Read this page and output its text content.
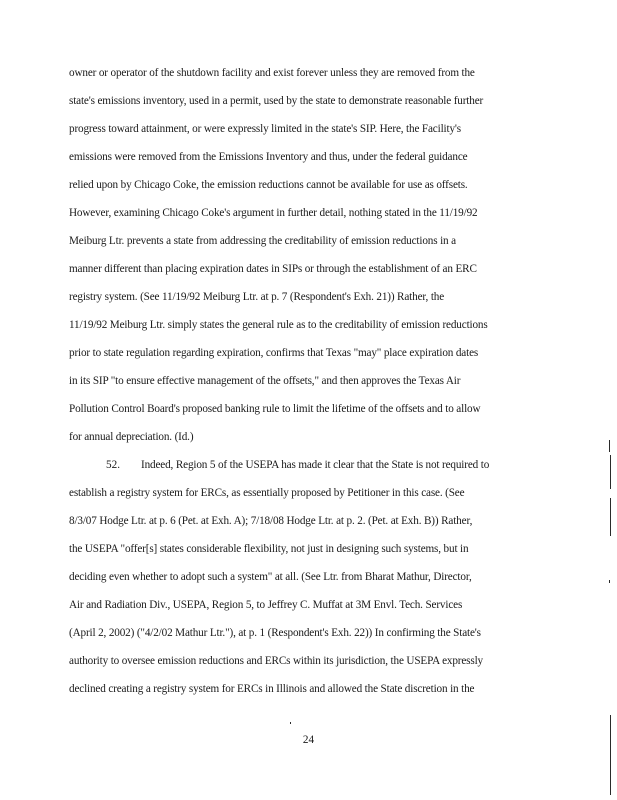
owner or operator of the shutdown facility and exist forever unless they are removed from the
state's emissions inventory, used in a permit, used by the state to demonstrate reasonable further
progress toward attainment, or were expressly limited in the state's SIP. Here, the Facility's
emissions were removed from the Emissions Inventory and thus, under the federal guidance
relied upon by Chicago Coke, the emission reductions cannot be available for use as offsets.
However, examining Chicago Coke's argument in further detail, nothing stated in the 11/19/92
Meiburg Ltr. prevents a state from addressing the creditability of emission reductions in a
manner different than placing expiration dates in SIPs or through the establishment of an ERC
registry system. (See 11/19/92 Meiburg Ltr. at p. 7 (Respondent's Exh. 21)) Rather, the
11/19/92 Meiburg Ltr. simply states the general rule as to the creditability of emission reductions
prior to state regulation regarding expiration, confirms that Texas "may" place expiration dates
in its SIP "to ensure effective management of the offsets," and then approves the Texas Air
Pollution Control Board's proposed banking rule to limit the lifetime of the offsets and to allow
for annual depreciation. (Id.)
52. Indeed, Region 5 of the USEPA has made it clear that the State is not required to
establish a registry system for ERCs, as essentially proposed by Petitioner in this case. (See
8/3/07 Hodge Ltr. at p. 6 (Pet. at Exh. A); 7/18/08 Hodge Ltr. at p. 2. (Pet. at Exh. B)) Rather,
the USEPA "offer[s] states considerable flexibility, not just in designing such systems, but in
deciding even whether to adopt such a system" at all. (See Ltr. from Bharat Mathur, Director,
Air and Radiation Div., USEPA, Region 5, to Jeffrey C. Muffat at 3M Envl. Tech. Services
(April 2, 2002) ("4/2/02 Mathur Ltr."), at p. 1 (Respondent's Exh. 22)) In confirming the State's
authority to oversee emission reductions and ERCs within its jurisdiction, the USEPA expressly
declined creating a registry system for ERCs in Illinois and allowed the State discretion in the
24
